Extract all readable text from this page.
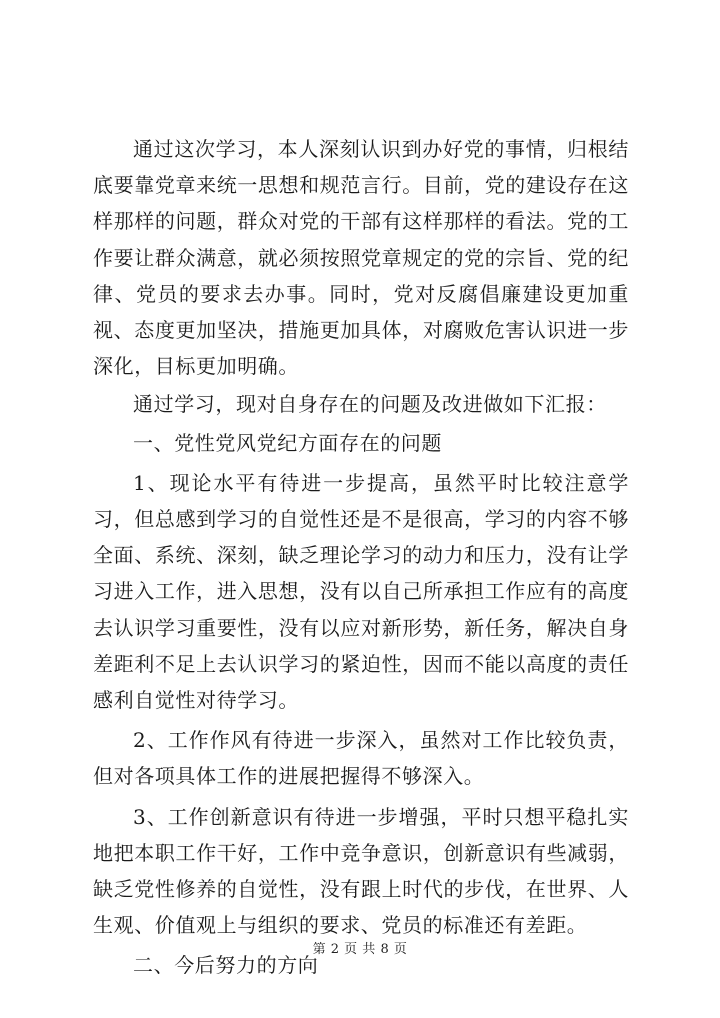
通过这次学习，本人深刻认识到办好党的事情，归根结底要靠党章来统一思想和规范言行。目前，党的建设存在这样那样的问题，群众对党的干部有这样那样的看法。党的工作要让群众满意，就必须按照党章规定的党的宗旨、党的纪律、党员的要求去办事。同时，党对反腐倡廉建设更加重视、态度更加坚决，措施更加具体，对腐败危害认识进一步深化，目标更加明确。

通过学习，现对自身存在的问题及改进做如下汇报：

一、党性党风党纪方面存在的问题

1、现论水平有待进一步提高，虽然平时比较注意学习，但总感到学习的自觉性还是不是很高，学习的内容不够全面、系统、深刻，缺乏理论学习的动力和压力，没有让学习进入工作，进入思想，没有以自己所承担工作应有的高度去认识学习重要性，没有以应对新形势，新任务，解决自身差距利不足上去认识学习的紧迫性，因而不能以高度的责任感利自觉性对待学习。

2、工作作风有待进一步深入，虽然对工作比较负责，但对各项具体工作的进展把握得不够深入。

3、工作创新意识有待进一步增强，平时只想平稳扎实地把本职工作干好，工作中竞争意识，创新意识有些减弱，缺乏党性修养的自觉性，没有跟上时代的步伐，在世界、人生观、价值观上与组织的要求、党员的标准还有差距。

二、今后努力的方向

第 2 页 共 8 页
